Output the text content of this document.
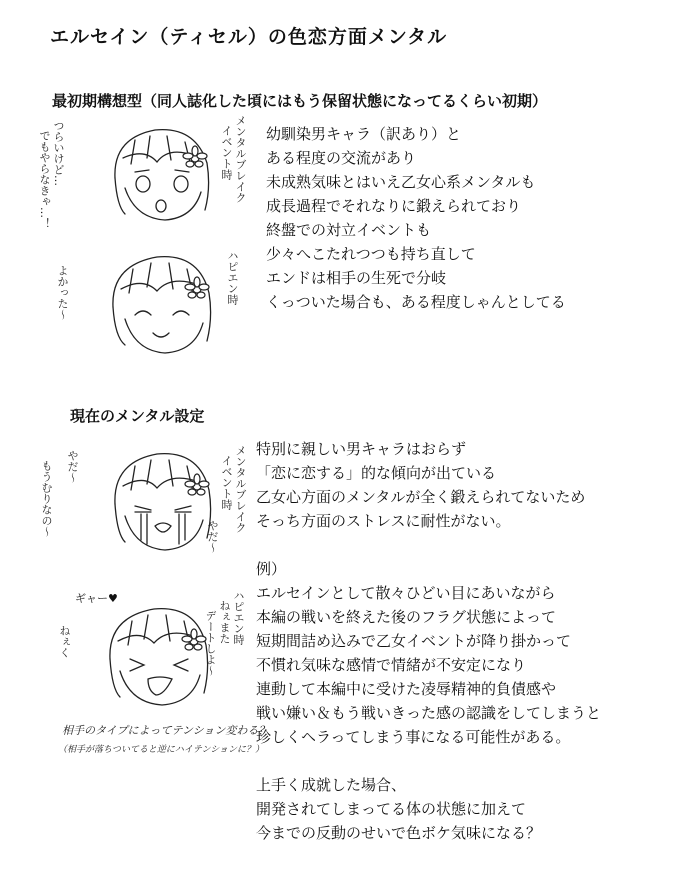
エルセイン（ティセル）の色恋方面メンタル
最初期構想型（同人誌化した頃にはもう保留状態になってるくらい初期）
幼馴染男キャラ（訳あり）と
ある程度の交流があり
未成熟気味とはいえ乙女心系メンタルも
成長過程でそれなりに鍛えられており
終盤での対立イベントも
少々へこたれつつも持ち直して
エンドは相手の生死で分岐
くっついた場合も、ある程度しゃんとしてる
つらいけど…
でもやらなきゃ…！	メンタルブレイク
イベント時
よかった〜	ハピエン時
現在のメンタル設定
特別に親しい男キャラはおらず
「恋に恋する」的な傾向が出ている
乙女心方面のメンタルが全く鍛えられてないため
そっち方面のストレスに耐性がない。
例）
エルセインとして散々ひどい目にあいながら
本編の戦いを終えた後のフラグ状態によって
短期間詰め込みで乙女イベントが降り掛かって
不慣れ気味な感情で情緒が不安定になり
連動して本編中に受けた凌辱精神的負債感や
戦い嫌い＆もう戦いきった感の認識をしてしまうと
珍しくヘラってしまう事になる可能性がある。
上手く成就した場合、
開発されてしまってる体の状態に加えて
今までの反動のせいで色ボケ気味になる？
やだ〜
もうむりなの〜	メンタルブレイク
イベント時
やだ〜
ギャー♥
ねぇく	ハピエン時
ねぇまた
デートしよ〜
相手のタイプによってテンション変わる？
（相手が落ちついてると逆にハイテンションに？）
